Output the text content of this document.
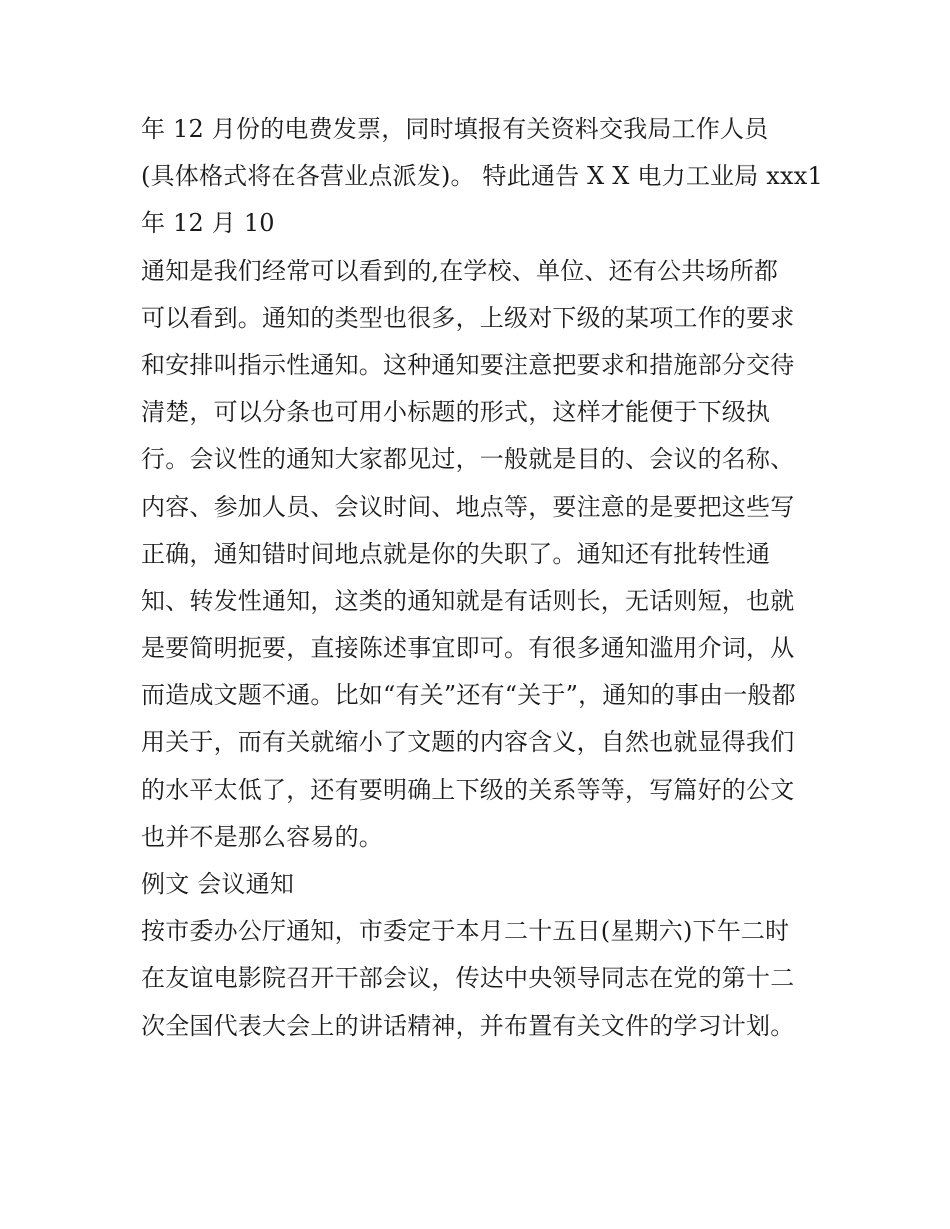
年 12 月份的电费发票，同时填报有关资料交我局工作人员
(具体格式将在各营业点派发)。 特此通告 X X 电力工业局 xxx1
年 12 月 10
通知是我们经常可以看到的,在学校、单位、还有公共场所都
可以看到。通知的类型也很多，上级对下级的某项工作的要求
和安排叫指示性通知。这种通知要注意把要求和措施部分交待
清楚，可以分条也可用小标题的形式，这样才能便于下级执
行。会议性的通知大家都见过，一般就是目的、会议的名称、
内容、参加人员、会议时间、地点等，要注意的是要把这些写
正确，通知错时间地点就是你的失职了。通知还有批转性通
知、转发性通知，这类的通知就是有话则长，无话则短，也就
是要简明扼要，直接陈述事宜即可。有很多通知滥用介词，从
而造成文题不通。比如“有关”还有“关于”，通知的事由一般都
用关于，而有关就缩小了文题的内容含义，自然也就显得我们
的水平太低了，还有要明确上下级的关系等等，写篇好的公文
也并不是那么容易的。
例文 会议通知
按市委办公厅通知，市委定于本月二十五日(星期六)下午二时
在友谊电影院召开干部会议，传达中央领导同志在党的第十二
次全国代表大会上的讲话精神，并布置有关文件的学习计划。
